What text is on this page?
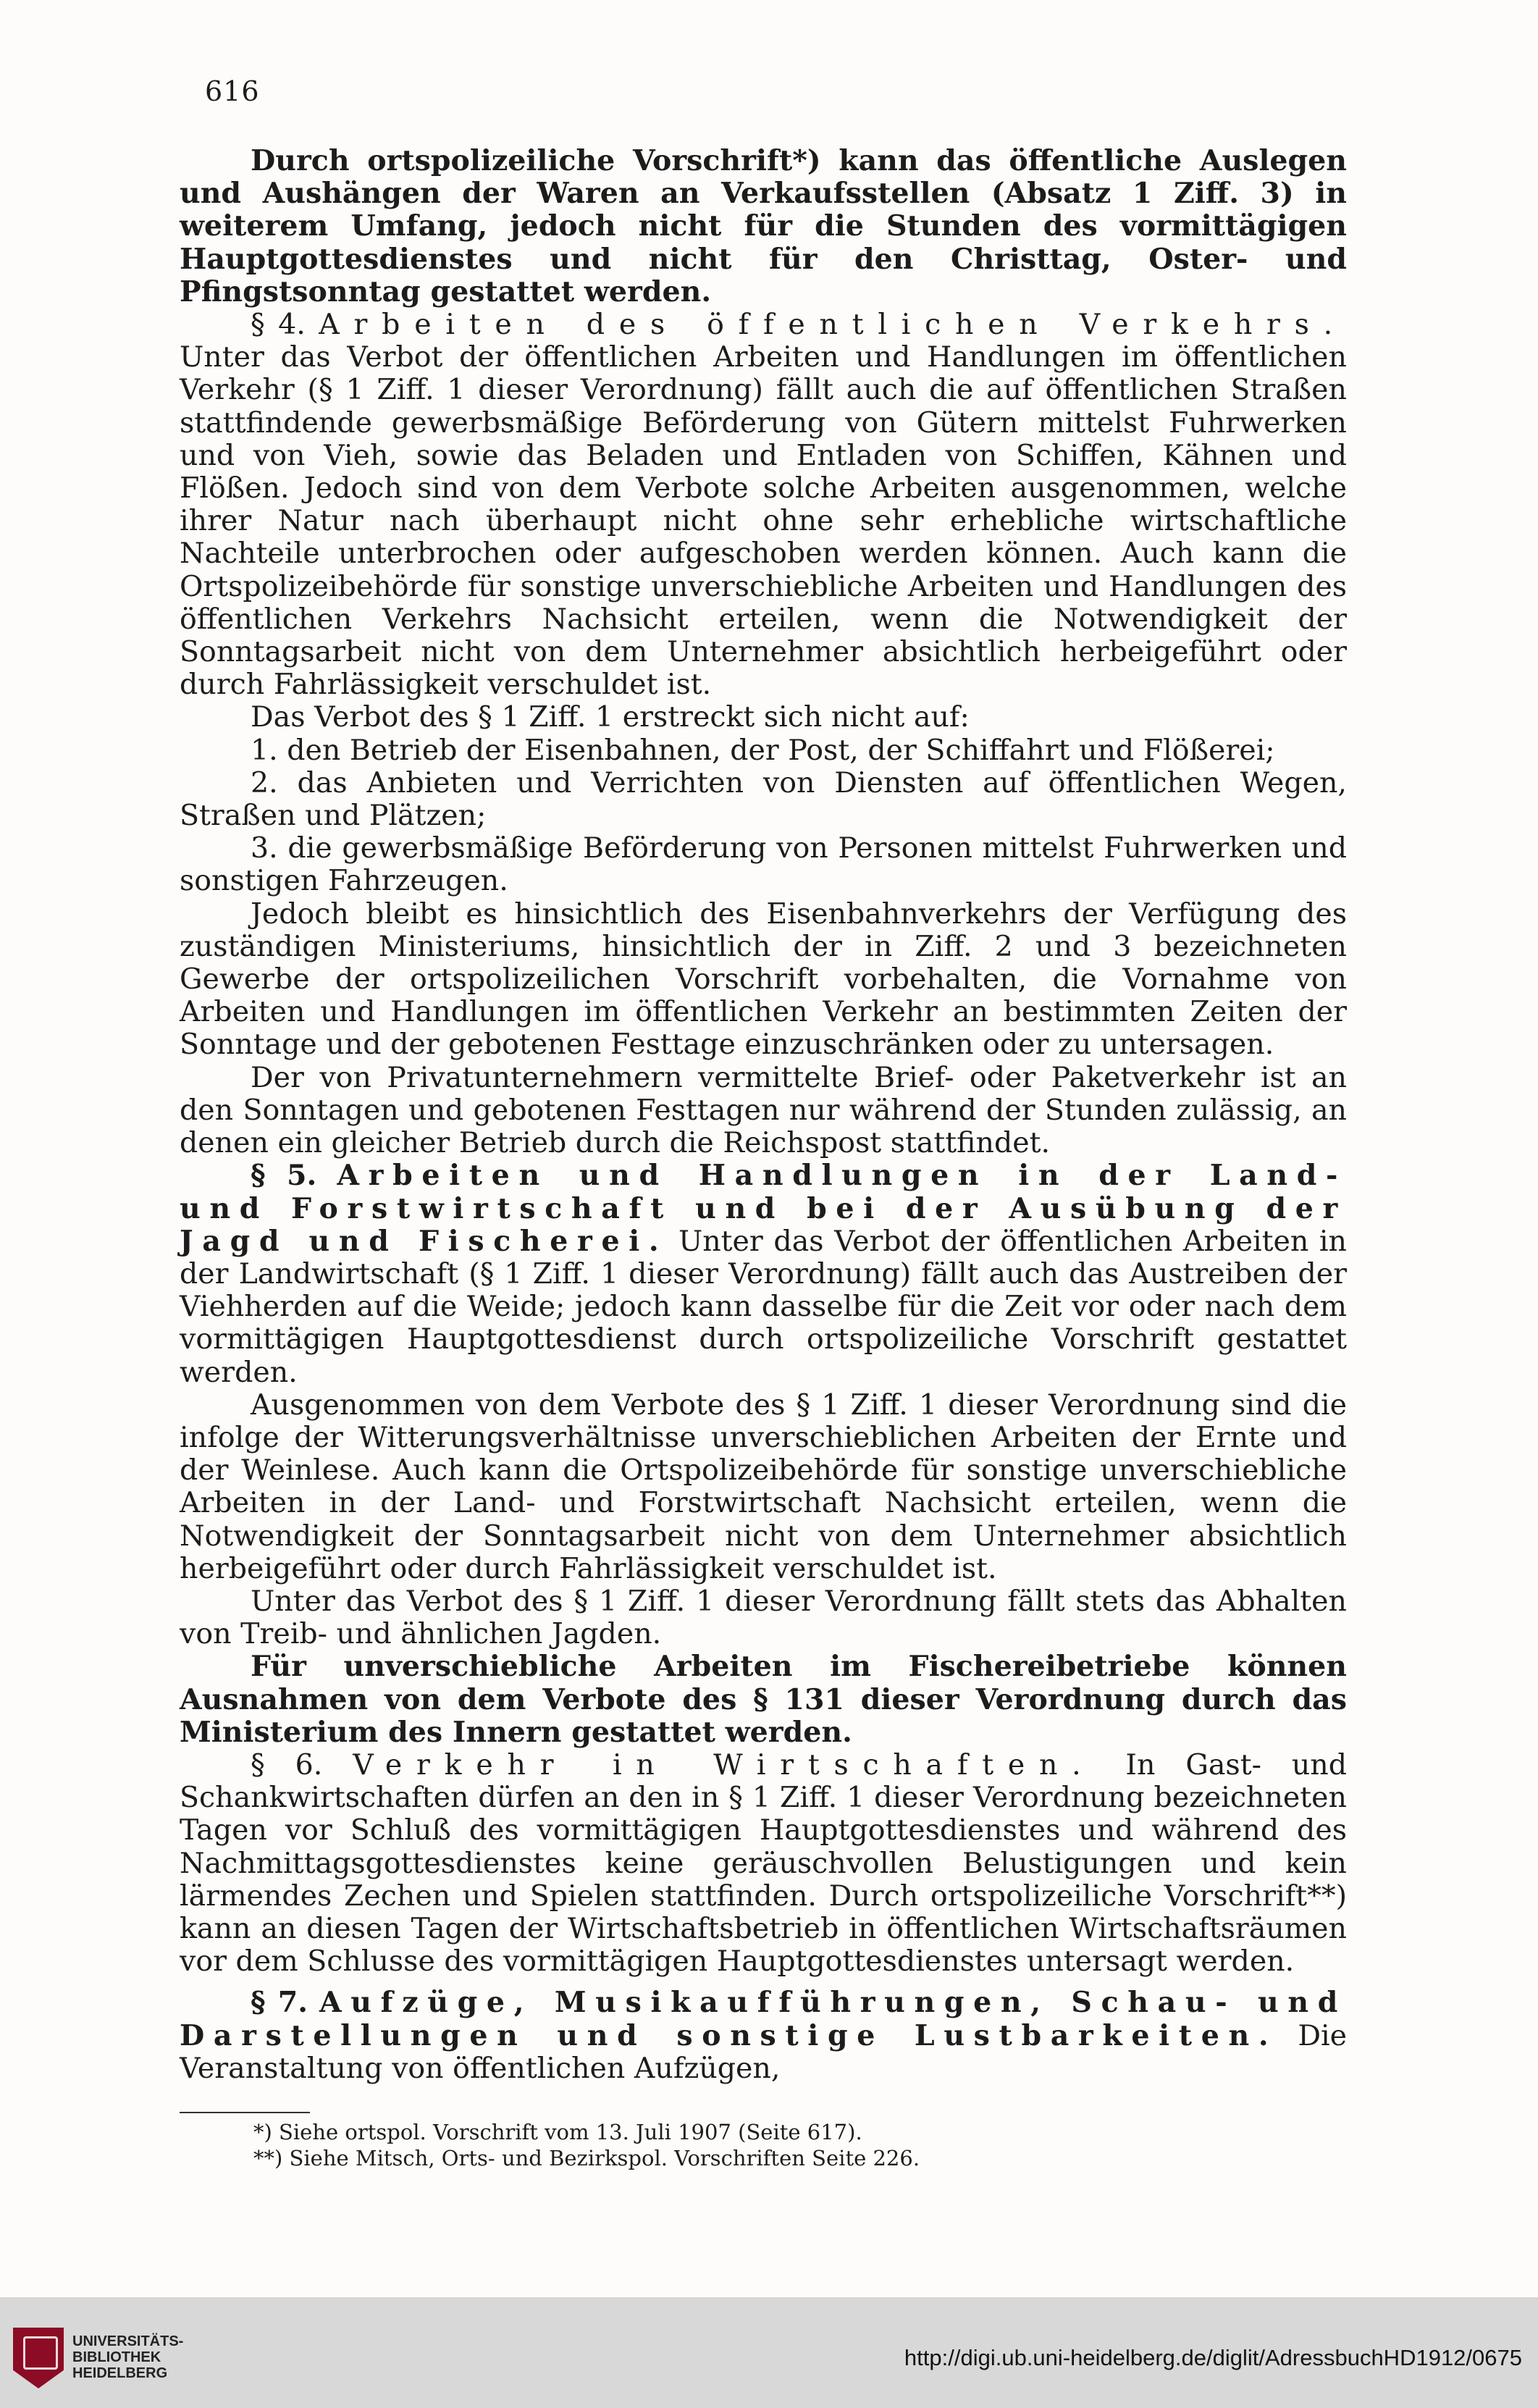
616

Durch ortspolizeiliche Vorschrift*) kann das öffentliche Auslegen und Aushängen der Waren an Verkaufsstellen (Absatz 1 Ziff. 3) in weiterem Umfang, jedoch nicht für die Stunden des vormittägigen Hauptgottesdienstes und nicht für den Christtag, Oster- und Pfingstsonntag gestattet werden.

§ 4. Arbeiten des öffentlichen Verkehrs. Unter das Verbot der öffentlichen Arbeiten und Handlungen im öffentlichen Verkehr (§ 1 Ziff. 1 dieser Verordnung) fällt auch die auf öffentlichen Straßen stattfindende gewerbsmäßige Beförderung von Gütern mittelst Fuhrwerken und von Vieh, sowie das Beladen und Entladen von Schiffen, Kähnen und Flößen. Jedoch sind von dem Verbote solche Arbeiten ausgenommen, welche ihrer Natur nach überhaupt nicht ohne sehr erhebliche wirtschaftliche Nachteile unterbrochen oder aufgeschoben werden können. Auch kann die Ortspolizeibehörde für sonstige unverschiebliche Arbeiten und Handlungen des öffentlichen Verkehrs Nachsicht erteilen, wenn die Notwendigkeit der Sonntagsarbeit nicht von dem Unternehmer absichtlich herbeigeführt oder durch Fahrlässigkeit verschuldet ist.

Das Verbot des § 1 Ziff. 1 erstreckt sich nicht auf:

1. den Betrieb der Eisenbahnen, der Post, der Schiffahrt und Flößerei;

2. das Anbieten und Verrichten von Diensten auf öffentlichen Wegen, Straßen und Plätzen;

3. die gewerbsmäßige Beförderung von Personen mittelst Fuhrwerken und sonstigen Fahrzeugen.

Jedoch bleibt es hinsichtlich des Eisenbahnverkehrs der Verfügung des zuständigen Ministeriums, hinsichtlich der in Ziff. 2 und 3 bezeichneten Gewerbe der ortspolizeilichen Vorschrift vorbehalten, die Vornahme von Arbeiten und Handlungen im öffentlichen Verkehr an bestimmten Zeiten der Sonntage und der gebotenen Festtage einzuschränken oder zu untersagen.

Der von Privatunternehmern vermittelte Brief- oder Paketverkehr ist an den Sonntagen und gebotenen Festtagen nur während der Stunden zulässig, an denen ein gleicher Betrieb durch die Reichspost stattfindet.

§ 5. Arbeiten und Handlungen in der Land- und Forstwirtschaft und bei der Ausübung der Jagd und Fischerei. Unter das Verbot der öffentlichen Arbeiten in der Landwirtschaft (§ 1 Ziff. 1 dieser Verordnung) fällt auch das Austreiben der Viehherden auf die Weide; jedoch kann dasselbe für die Zeit vor oder nach dem vormittägigen Hauptgottesdienst durch ortspolizeiliche Vorschrift gestattet werden.

Ausgenommen von dem Verbote des § 1 Ziff. 1 dieser Verordnung sind die infolge der Witterungsverhältnisse unverschieblichen Arbeiten der Ernte und der Weinlese. Auch kann die Ortspolizeibehörde für sonstige unverschiebliche Arbeiten in der Land- und Forstwirtschaft Nachsicht erteilen, wenn die Notwendigkeit der Sonntagsarbeit nicht von dem Unternehmer absichtlich herbeigeführt oder durch Fahrlässigkeit verschuldet ist.

Unter das Verbot des § 1 Ziff. 1 dieser Verordnung fällt stets das Abhalten von Treib- und ähnlichen Jagden.

Für unverschiebliche Arbeiten im Fischereibetriebe können Ausnahmen von dem Verbote des § 131 dieser Verordnung durch das Ministerium des Innern gestattet werden.

§ 6. Verkehr in Wirtschaften. In Gast- und Schankwirtschaften dürfen an den in § 1 Ziff. 1 dieser Verordnung bezeichneten Tagen vor Schluß des vormittägigen Hauptgottesdienstes und während des Nachmittagsgottesdienstes keine geräuschvollen Belustigungen und kein lärmendes Zechen und Spielen stattfinden. Durch ortspolizeiliche Vorschrift**) kann an diesen Tagen der Wirtschaftsbetrieb in öffentlichen Wirtschaftsräumen vor dem Schlusse des vormittägigen Hauptgottesdienstes untersagt werden.

§ 7. Aufzüge, Musikaufführungen, Schau- und Darstellungen und sonstige Lustbarkeiten. Die Veranstaltung von öffentlichen Aufzügen,

*) Siehe ortspol. Vorschrift vom 13. Juli 1907 (Seite 617).

**) Siehe Mitsch, Orts- und Bezirkspol. Vorschriften Seite 226.

UNIVERSITÄTS-
BIBLIOTHEK
HEIDELBERG
http://digi.ub.uni-heidelberg.de/diglit/AdressbuchHD1912/0675
